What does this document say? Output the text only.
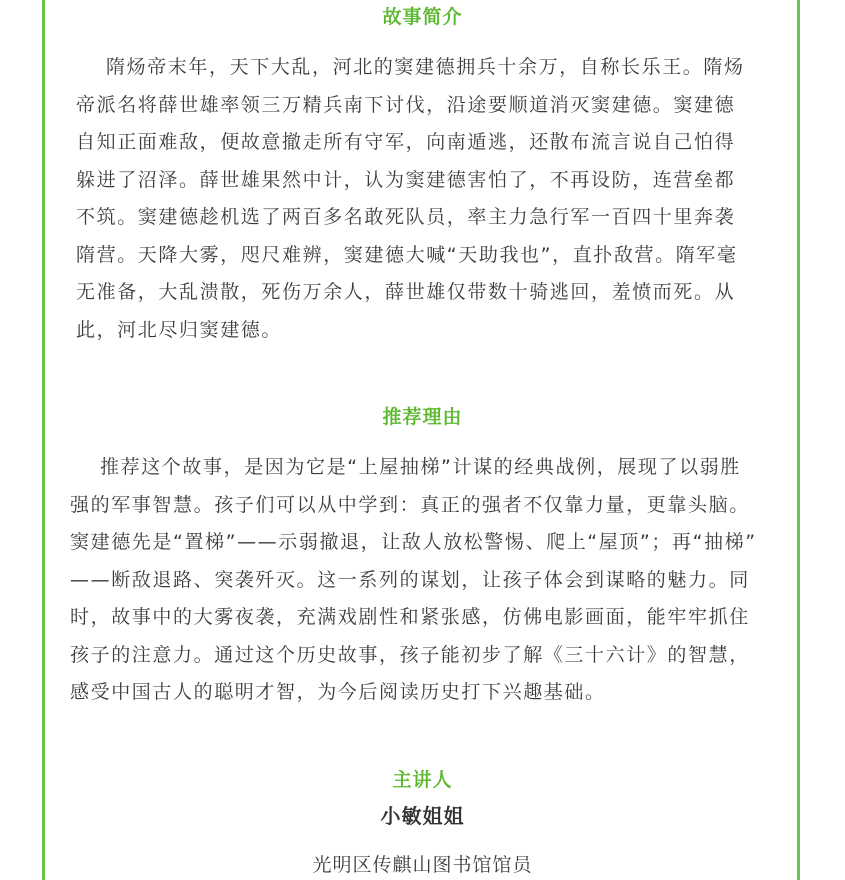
故事简介
隋炀帝末年，天下大乱，河北的窦建德拥兵十余万，自称长乐王。隋炀
帝派名将薛世雄率领三万精兵南下讨伐，沿途要顺道消灭窦建德。窦建德
自知正面难敌，便故意撤走所有守军，向南遁逃，还散布流言说自己怕得
躲进了沼泽。薛世雄果然中计，认为窦建德害怕了，不再设防，连营垒都
不筑。窦建德趁机选了两百多名敢死队员，率主力急行军一百四十里奔袭
隋营。天降大雾，咫尺难辨，窦建德大喊“天助我也”，直扑敌营。隋军毫
无准备，大乱溃散，死伤万余人，薛世雄仅带数十骑逃回，羞愤而死。从
此，河北尽归窦建德。
推荐理由
推荐这个故事，是因为它是“上屋抽梯”计谋的经典战例，展现了以弱胜
强的军事智慧。孩子们可以从中学到：真正的强者不仅靠力量，更靠头脑。
窦建德先是“置梯”——示弱撤退，让敌人放松警惕、爬上“屋顶”；再“抽梯”
——断敌退路、突袭歼灭。这一系列的谋划，让孩子体会到谋略的魅力。同
时，故事中的大雾夜袭，充满戏剧性和紧张感，仿佛电影画面，能牢牢抓住
孩子的注意力。通过这个历史故事，孩子能初步了解《三十六计》的智慧，
感受中国古人的聪明才智，为今后阅读历史打下兴趣基础。
主讲人
小敏姐姐
光明区传麒山图书馆馆员
